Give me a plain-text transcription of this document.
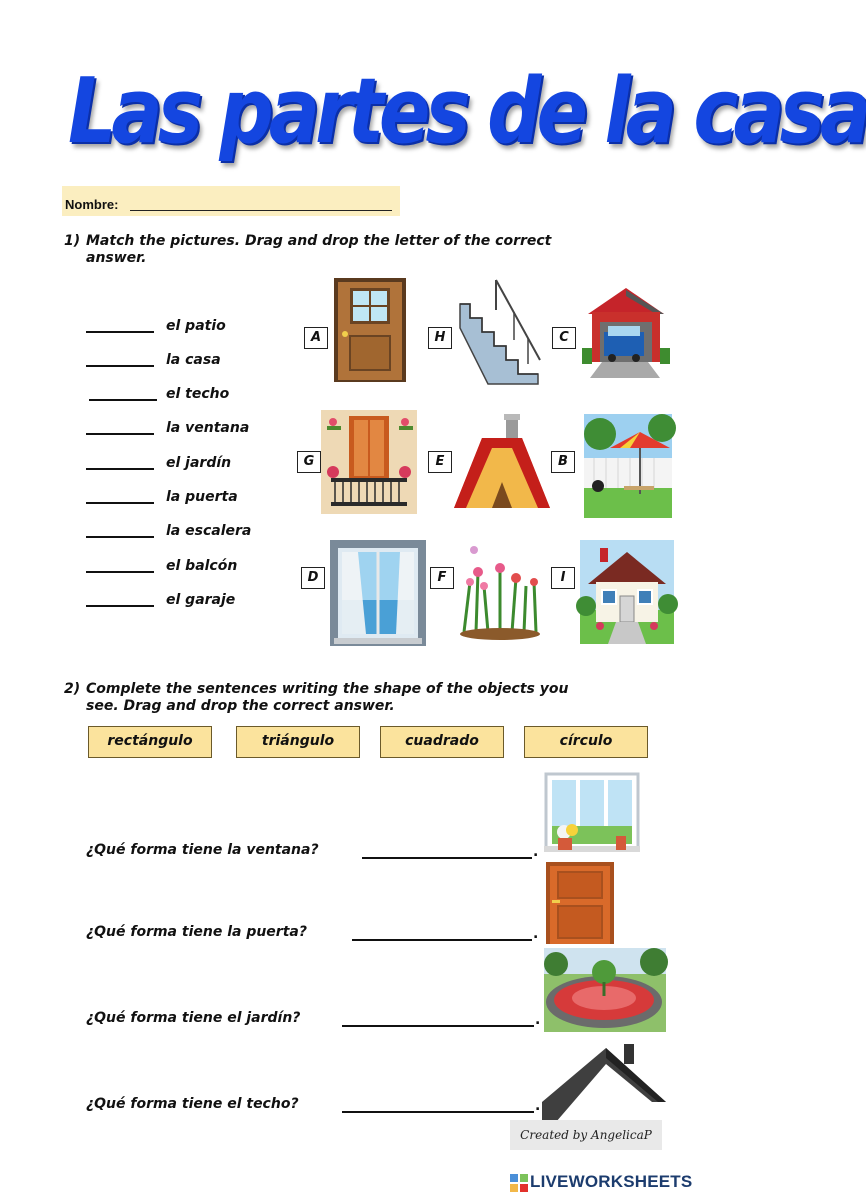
Las partes de la casa
Nombre:
1) Match the pictures. Drag and drop the letter of the correct
answer.
el patio
la casa
el techo
la ventana
el jardín
la puerta
la escalera
el balcón
el garaje
A	H	C
G	E	B
D	F	I
2) Complete the sentences writing the shape of the objects you
see. Drag and drop the correct answer.
rectángulo	triángulo	cuadrado	círculo
¿Qué forma tiene la ventana?	.
¿Qué forma tiene la puerta?	.
¿Qué forma tiene el jardín?	.
¿Qué forma tiene el techo?	.
Created by AngelicaP
LIVEWORKSHEETS
